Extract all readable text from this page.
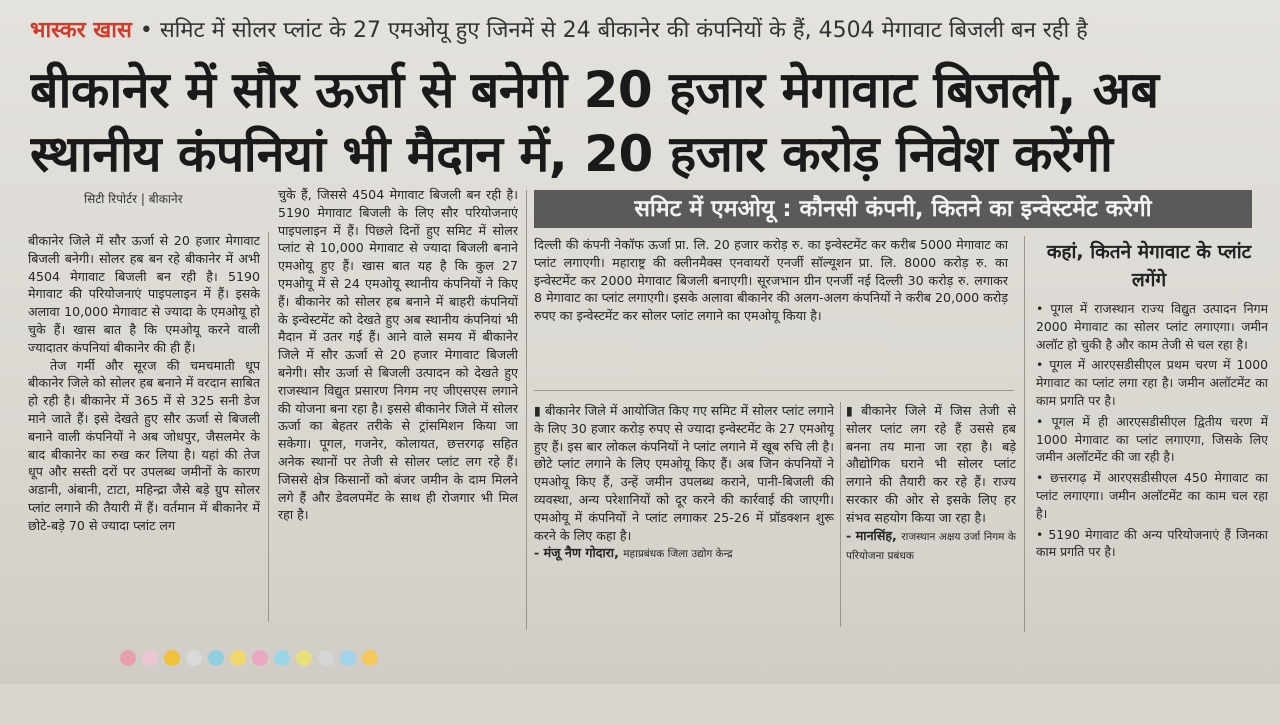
भास्कर खास • समिट में सोलर प्लांट के 27 एमओयू हुए जिनमें से 24 बीकानेर की कंपनियों के हैं, 4504 मेगावाट बिजली बन रही है
बीकानेर में सौर ऊर्जा से बनेगी 20 हजार मेगावाट बिजली, अब
स्थानीय कंपनियां भी मैदान में, 20 हजार करोड़ निवेश करेंगी
सिटी रिपोर्टर | बीकानेर

बीकानेर जिले में सौर ऊर्जा से 20 हजार मेगावाट बिजली बनेगी। सोलर हब बन रहे बीकानेर में अभी 4504 मेगावाट बिजली बन रही है। 5190 मेगावाट की परियोजनाएं पाइपलाइन में हैं। इसके अलावा 10,000 मेगावाट से ज्यादा के एमओयू हो चुके हैं। खास बात है कि एमओयू करने वाली ज्यादातर कंपनियां बीकानेर की ही हैं।

तेज गर्मी और सूरज की चमचमाती धूप बीकानेर जिले को सोलर हब बनाने में वरदान साबित हो रही है। बीकानेर में 365 में से 325 सनी डेज माने जाते हैं। इसे देखते हुए सौर ऊर्जा से बिजली बनाने वाली कंपनियों ने अब जोधपुर, जैसलमेर के बाद बीकानेर का रुख कर लिया है। यहां की तेज धूप और सस्ती दरों पर उपलब्ध जमीनों के कारण अडानी, अंबानी, टाटा, महिन्द्रा जैसे बड़े ग्रुप सोलर प्लांट लगाने की तैयारी में हैं। वर्तमान में बीकानेर में छोटे-बड़े 70 से ज्यादा प्लांट लग

चुके हैं, जिससे 4504 मेगावाट बिजली बन रही है। 5190 मेगावाट बिजली के लिए सौर परियोजनाएं पाइपलाइन में हैं। पिछले दिनों हुए समिट में सोलर प्लांट से 10,000 मेगावाट से ज्यादा बिजली बनाने एमओयू हुए हैं। खास बात यह है कि कुल 27 एमओयू में से 24 एमओयू स्थानीय कंपनियों ने किए हैं। बीकानेर को सोलर हब बनाने में बाहरी कंपनियों के इन्वेस्टमेंट को देखते हुए अब स्थानीय कंपनियां भी मैदान में उतर गई हैं। आने वाले समय में बीकानेर जिले में सौर ऊर्जा से 20 हजार मेगावाट बिजली बनेगी। सौर ऊर्जा से बिजली उत्पादन को देखते हुए राजस्थान विद्युत प्रसारण निगम नए जीएसएस लगाने की योजना बना रहा है। इससे बीकानेर जिले में सोलर ऊर्जा का बेहतर तरीके से ट्रांसमिशन किया जा सकेगा। पूगल, गजनेर, कोलायत, छत्तरगढ़ सहित अनेक स्थानों पर तेजी से सोलर प्लांट लग रहे हैं। जिससे क्षेत्र किसानों को बंजर जमीन के दाम मिलने लगे हैं और डेवलपमेंट के साथ ही रोजगार भी मिल रहा है।

समिट में एमओयू : कौनसी कंपनी, कितने का इन्वेस्टमेंट करेगी

दिल्ली की कंपनी नेकॉफ ऊर्जा प्रा. लि. 20 हजार करोड़ रु. का इन्वेस्टमेंट कर करीब 5000 मेगावाट का प्लांट लगाएगी। महाराष्ट्र की क्लीनमैक्स एनवायरों एनर्जी सॉल्यूशन प्रा. लि. 8000 करोड़ रु. का इन्वेस्टमेंट कर 2000 मेगावाट बिजली बनाएगी। सूरजभान ग्रीन एनर्जी नई दिल्ली 30 करोड़ रु. लगाकर 8 मेगावाट का प्लांट लगाएगी। इसके अलावा बीकानेर की अलग-अलग कंपनियों ने करीब 20,000 करोड़ रुपए का इन्वेस्टमेंट कर सोलर प्लांट लगाने का एमओयू किया है।

▮ बीकानेर जिले में आयोजित किए गए समिट में सोलर प्लांट लगाने के लिए 30 हजार करोड़ रुपए से ज्यादा इन्वेस्टमेंट के 27 एमओयू हुए हैं। इस बार लोकल कंपनियों ने प्लांट लगाने में खूब रुचि ली है। छोटे प्लांट लगाने के लिए एमओयू किए हैं। अब जिन कंपनियों ने एमओयू किए हैं, उन्हें जमीन उपलब्ध कराने, पानी-बिजली की व्यवस्था, अन्य परेशानियों को दूर करने की कार्रवाई की जाएगी। एमओयू में कंपनियों ने प्लांट लगाकर 25-26 में प्रॉडक्शन शुरू करने के लिए कहा है।

- मंजू नैण गोदारा, महाप्रबंधक जिला उद्योग केन्द्र

▮ बीकानेर जिले में जिस तेजी से सोलर प्लांट लग रहे हैं उससे हब बनना तय माना जा रहा है। बड़े औद्योगिक घराने भी सोलर प्लांट लगाने की तैयारी कर रहे हैं। राज्य सरकार की ओर से इसके लिए हर संभव सहयोग किया जा रहा है।

- मानसिंह, राजस्थान अक्षय उर्जा निगम के परियोजना प्रबंधक

कहां, कितने मेगावाट के प्लांट लगेंगे
• पूगल में राजस्थान राज्य विद्युत उत्पादन निगम 2000 मेगावाट का सोलर प्लांट लगाएगा। जमीन अलॉट हो चुकी है और काम तेजी से चल रहा है।
• पूगल में आरएसडीसीएल प्रथम चरण में 1000 मेगावाट का प्लांट लगा रहा है। जमीन अलॉटमेंट का काम प्रगति पर है।
• पूगल में ही आरएसडीसीएल द्वितीय चरण में 1000 मेगावाट का प्लांट लगाएगा, जिसके लिए जमीन अलॉटमेंट की जा रही है।
• छत्तरगढ़ में आरएसडीसीएल 450 मेगावाट का प्लांट लगाएगा। जमीन अलॉटमेंट का काम चल रहा है।
• 5190 मेगावाट की अन्य परियोजनाएं हैं जिनका काम प्रगति पर है।
